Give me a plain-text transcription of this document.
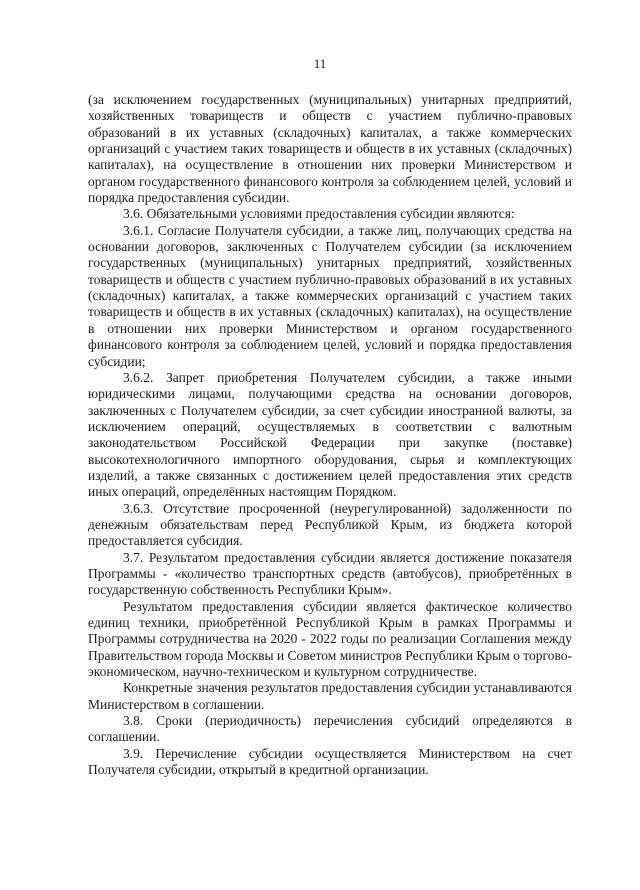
11

(за исключением государственных (муниципальных) унитарных предприятий, хозяйственных товариществ и обществ с участием публично-правовых образований в их уставных (складочных) капиталах, а также коммерческих организаций с участием таких товариществ и обществ в их уставных (складочных) капиталах), на осуществление в отношении них проверки Министерством и органом государственного финансового контроля за соблюдением целей, условий и порядка предоставления субсидии.

3.6. Обязательными условиями предоставления субсидии являются:

3.6.1. Согласие Получателя субсидии, а также лиц, получающих средства на основании договоров, заключенных с Получателем субсидии (за исключением государственных (муниципальных) унитарных предприятий, хозяйственных товариществ и обществ с участием публично-правовых образований в их уставных (складочных) капиталах, а также коммерческих организаций с участием таких товариществ и обществ в их уставных (складочных) капиталах), на осуществление в отношении них проверки Министерством и органом государственного финансового контроля за соблюдением целей, условий и порядка предоставления субсидии;

3.6.2. Запрет приобретения Получателем субсидии, а также иными юридическими лицами, получающими средства на основании договоров, заключенных с Получателем субсидии, за счет субсидии иностранной валюты, за исключением операций, осуществляемых в соответствии с валютным законодательством Российской Федерации при закупке (поставке) высокотехнологичного импортного оборудования, сырья и комплектующих изделий, а также связанных с достижением целей предоставления этих средств иных операций, определённых настоящим Порядком.

3.6.3. Отсутствие просроченной (неурегулированной) задолженности по денежным обязательствам перед Республикой Крым, из бюджета которой предоставляется субсидия.

3.7. Результатом предоставления субсидии является достижение показателя Программы - «количество транспортных средств (автобусов), приобретённых в государственную собственность Республики Крым».

Результатом предоставления субсидии является фактическое количество единиц техники, приобретённой Республикой Крым в рамках Программы и Программы сотрудничества на 2020 - 2022 годы по реализации Соглашения между Правительством города Москвы и Советом министров Республики Крым о торгово-экономическом, научно-техническом и культурном сотрудничестве.

Конкретные значения результатов предоставления субсидии устанавливаются Министерством в соглашении.

3.8. Сроки (периодичность) перечисления субсидий определяются в соглашении.

3.9. Перечисление субсидии осуществляется Министерством на счет Получателя субсидии, открытый в кредитной организации.
